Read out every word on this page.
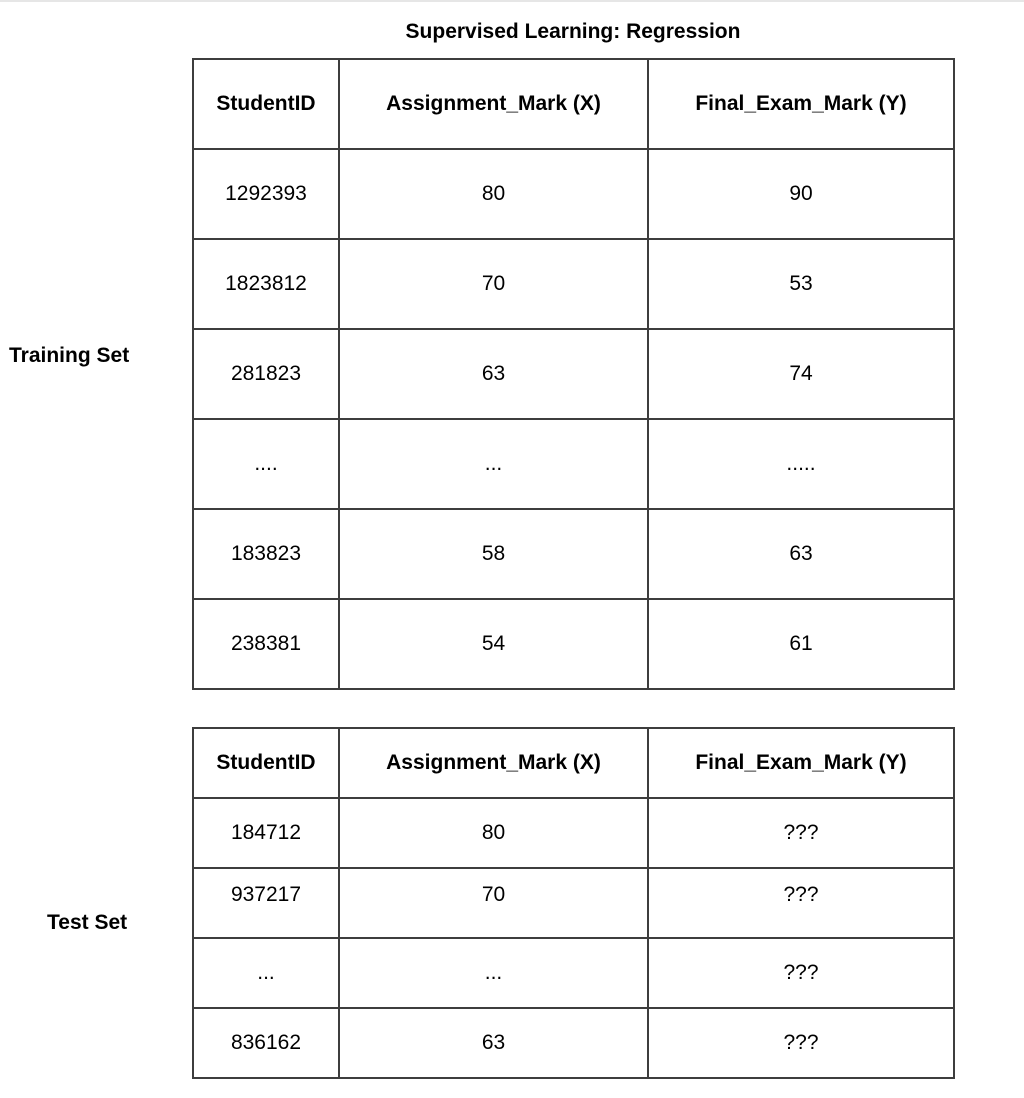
Supervised Learning: Regression
Training Set
Test Set
StudentID	Assignment_Mark (X)	Final_Exam_Mark (Y)
1292393	80	90
1823812	70	53
281823	63	74
....	...	.....
183823	58	63
238381	54	61
StudentID	Assignment_Mark (X)	Final_Exam_Mark (Y)
184712	80	???
937217	70	???
...	...	???
836162	63	???
